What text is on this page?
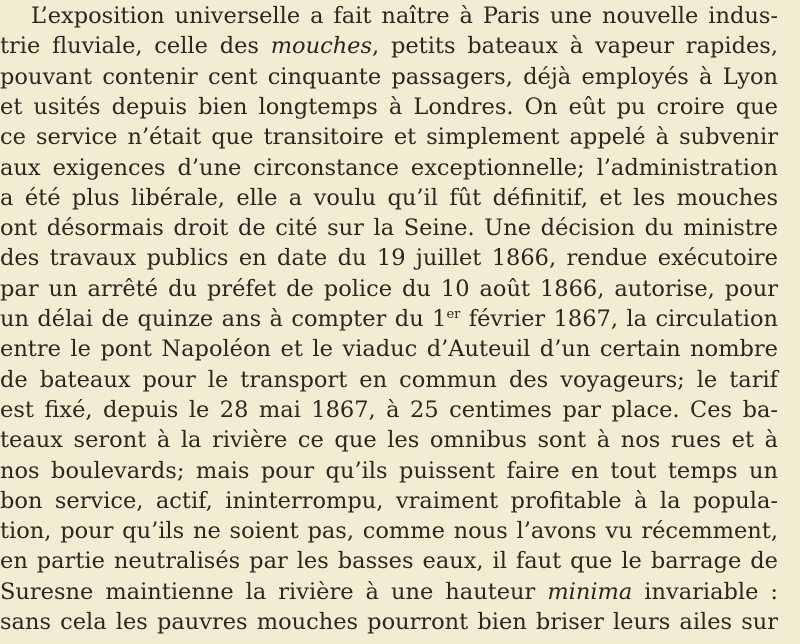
L’exposition universelle a fait naître à Paris une nouvelle indus-
trie fluviale, celle des mouches, petits bateaux à vapeur rapides,
pouvant contenir cent cinquante passagers, déjà employés à Lyon
et usités depuis bien longtemps à Londres. On eût pu croire que
ce service n’était que transitoire et simplement appelé à subvenir
aux exigences d’une circonstance exceptionnelle; l’administration
a été plus libérale, elle a voulu qu’il fût définitif, et les mouches
ont désormais droit de cité sur la Seine. Une décision du ministre
des travaux publics en date du 19 juillet 1866, rendue exécutoire
par un arrêté du préfet de police du 10 août 1866, autorise, pour
un délai de quinze ans à compter du 1er février 1867, la circulation
entre le pont Napoléon et le viaduc d’Auteuil d’un certain nombre
de bateaux pour le transport en commun des voyageurs; le tarif
est fixé, depuis le 28 mai 1867, à 25 centimes par place. Ces ba-
teaux seront à la rivière ce que les omnibus sont à nos rues et à
nos boulevards; mais pour qu’ils puissent faire en tout temps un
bon service, actif, ininterrompu, vraiment profitable à la popula-
tion, pour qu’ils ne soient pas, comme nous l’avons vu récemment,
en partie neutralisés par les basses eaux, il faut que le barrage de
Suresne maintienne la rivière à une hauteur minima invariable :
sans cela les pauvres mouches pourront bien briser leurs ailes sur
